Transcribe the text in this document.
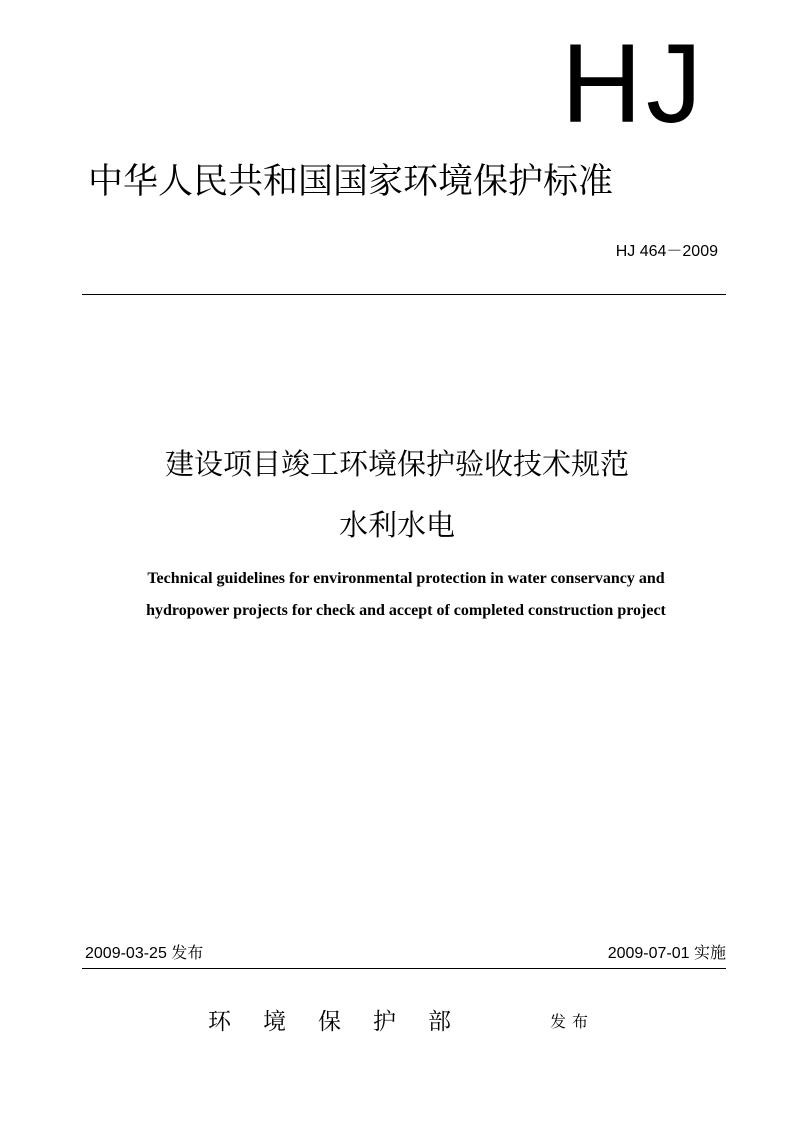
HJ
中华人民共和国国家环境保护标准
HJ 464－2009
建设项目竣工环境保护验收技术规范
水利水电
Technical guidelines for environmental protection in water conservancy and
hydropower projects for check and accept of completed construction project
2009-03-25 发布	2009-07-01 实施
环境保护部	发布
